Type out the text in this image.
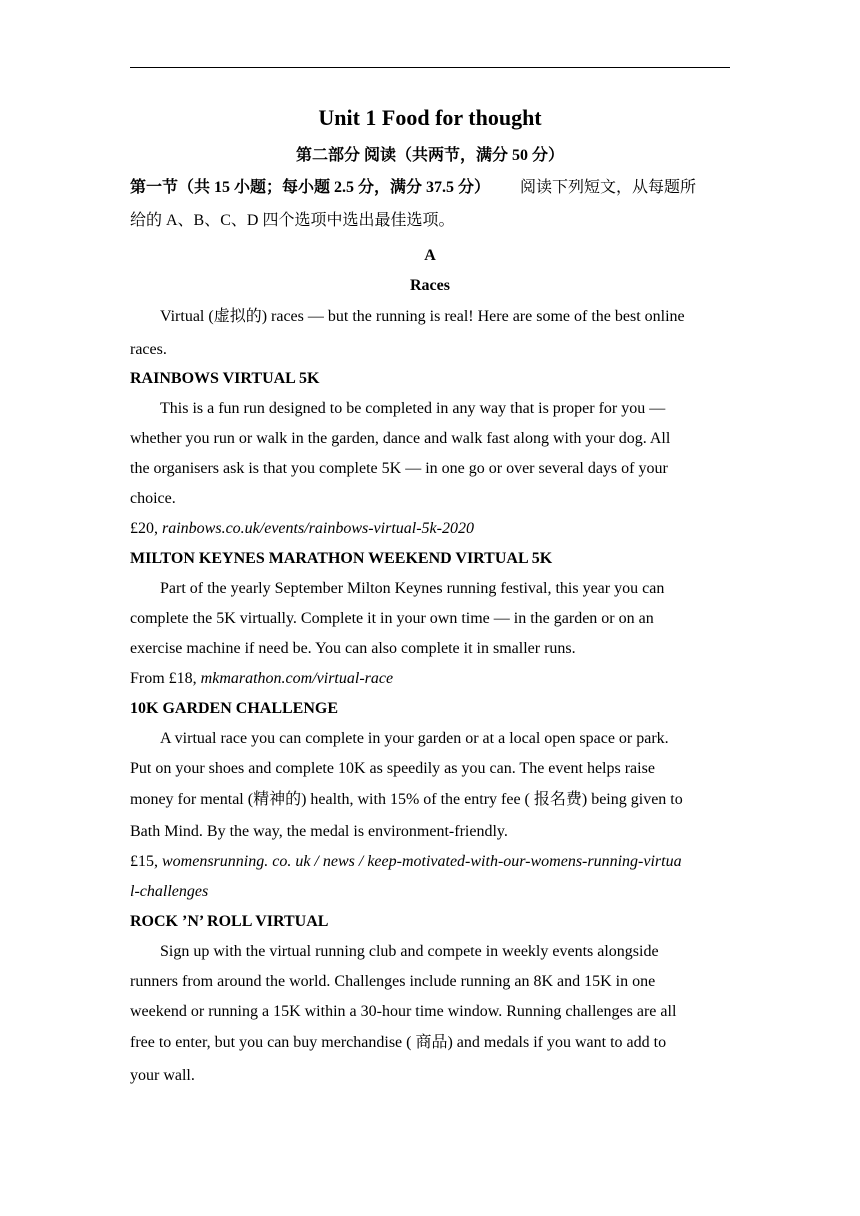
Unit 1 Food for thought
第二部分 阅读（共两节，满分 50 分）
第一节（共 15 小题；每小题 2.5 分，满分 37.5 分） 阅读下列短文，从每题所
给的 A、B、C、D 四个选项中选出最佳选项。
A
Races
Virtual (虚拟的) races — but the running is real! Here are some of the best online
races.
RAINBOWS VIRTUAL 5K
This is a fun run designed to be completed in any way that is proper for you —
whether you run or walk in the garden, dance and walk fast along with your dog. All
the organisers ask is that you complete 5K — in one go or over several days of your
choice.
£20, rainbows.co.uk/events/rainbows-virtual-5k-2020
MILTON KEYNES MARATHON WEEKEND VIRTUAL 5K
Part of the yearly September Milton Keynes running festival, this year you can
complete the 5K virtually. Complete it in your own time — in the garden or on an
exercise machine if need be. You can also complete it in smaller runs.
From £18, mkmarathon.com/virtual-race
10K GARDEN CHALLENGE
A virtual race you can complete in your garden or at a local open space or park.
Put on your shoes and complete 10K as speedily as you can. The event helps raise
money for mental (精神的) health, with 15% of the entry fee ( 报名费) being given to
Bath Mind. By the way, the medal is environment-friendly.
£15, womensrunning. co. uk / news / keep-motivated-with-our-womens-running-virtua
l-challenges
ROCK ’N’ ROLL VIRTUAL
Sign up with the virtual running club and compete in weekly events alongside
runners from around the world. Challenges include running an 8K and 15K in one
weekend or running a 15K within a 30-hour time window. Running challenges are all
free to enter, but you can buy merchandise ( 商品) and medals if you want to add to
your wall.
